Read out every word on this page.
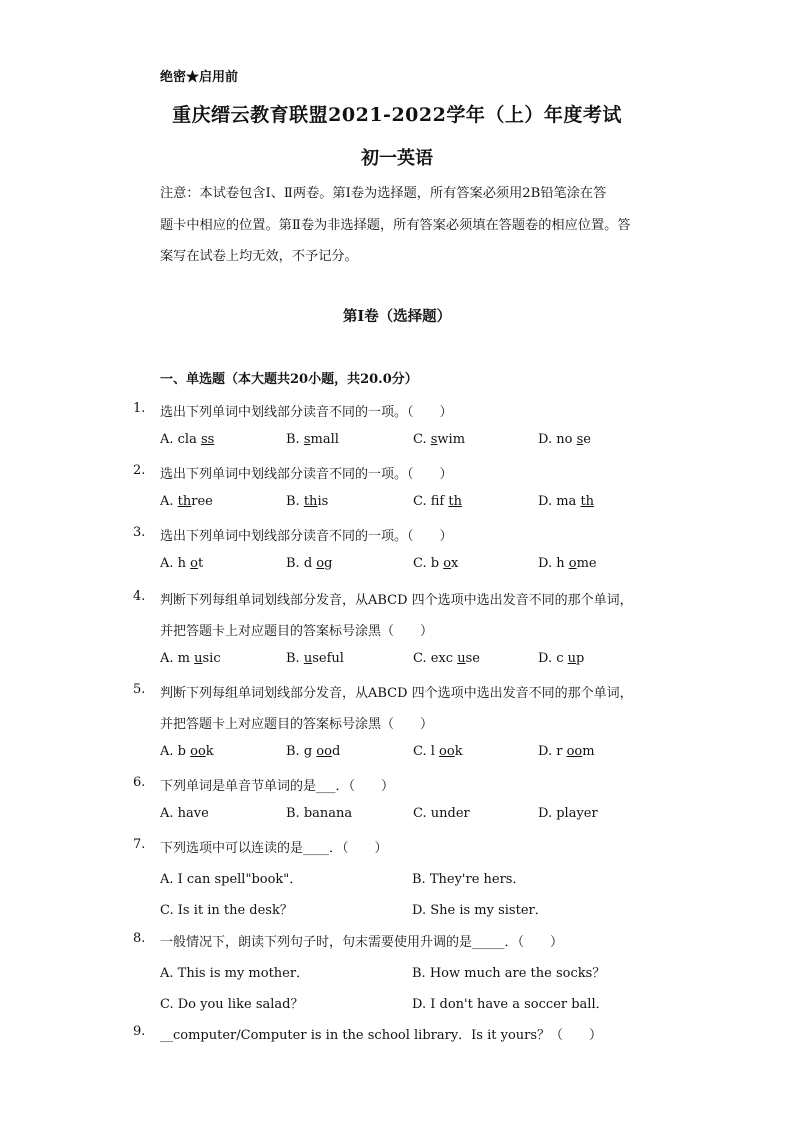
绝密★启用前
重庆缙云教育联盟2021-2022学年（上）年度考试
初一英语
注意：本试卷包含Ⅰ、Ⅱ两卷。第Ⅰ卷为选择题，所有答案必须用2B铅笔涂在答
题卡中相应的位置。第Ⅱ卷为非选择题，所有答案必须填在答题卷的相应位置。答
案写在试卷上均无效，不予记分。
第Ⅰ卷（选择题）
一、单选题（本大题共20小题，共20.0分）
1. 选出下列单词中划线部分读音不同的一项。（　　）
A. cla ss	B. small	C. swim	D. no se
2. 选出下列单词中划线部分读音不同的一项。（　　）
A. three	B. this	C. fif th	D. ma th
3. 选出下列单词中划线部分读音不同的一项。（　　）
A. h ot	B. d og	C. b ox	D. h ome
4. 判断下列每组单词划线部分发音，从ABCD 四个选项中选出发音不同的那个单词，
并把答题卡上对应题目的答案标号涂黑（　　）
A. m usic	B. useful	C. exc use	D. c up
5. 判断下列每组单词划线部分发音，从ABCD 四个选项中选出发音不同的那个单词，
并把答题卡上对应题目的答案标号涂黑（　　）
A. b ook	B. g ood	C. l ook	D. r oom
6. 下列单词是单音节单词的是___．（　　）
A. have	B. banana	C. under	D. player
7. 下列选项中可以连读的是____．（　　）
A. I can spell"book"．	B. They're hers．
C. Is it in the desk？	D. She is my sister．
8. 一般情况下，朗读下列句子时，句末需要使用升调的是_____．（　　）
A. This is my mother．	B. How much are the socks？
C. Do you like salad？	D. I don't have a soccer ball．
9. __computer/Computer is in the school library．Is it yours？（　　）
